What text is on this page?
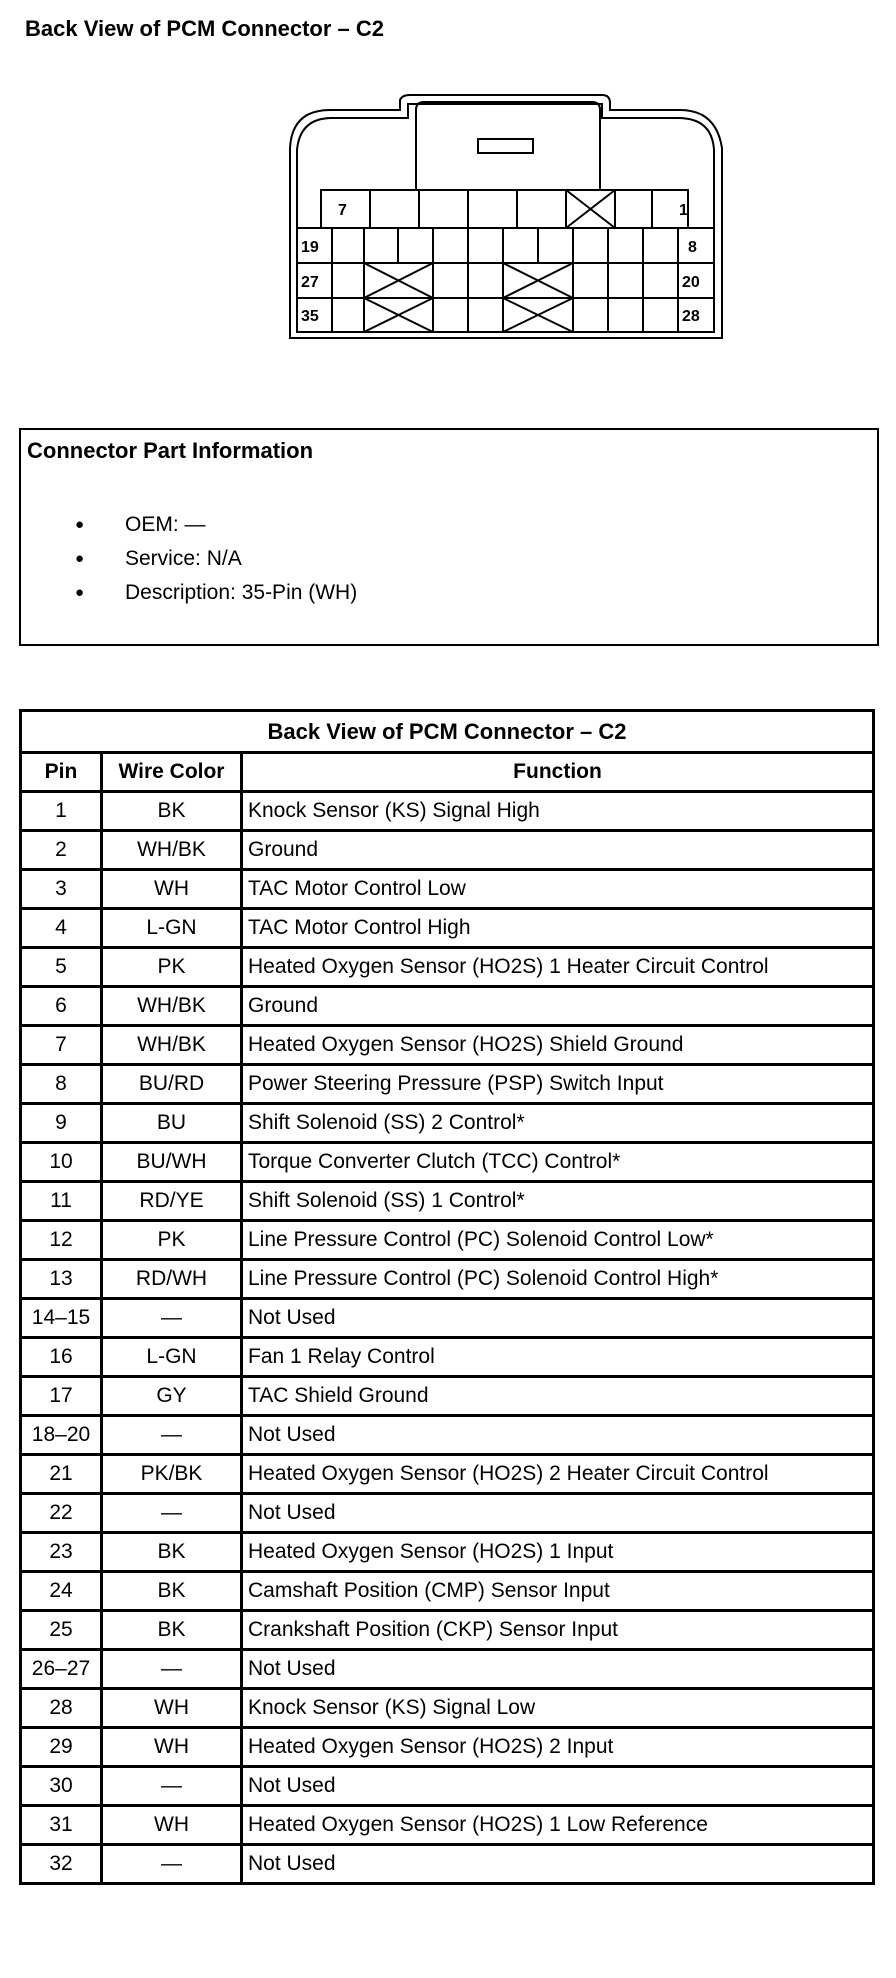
Back View of PCM Connector – C2
7	1
19	8
27	20
35	28
Connector Part Information
● OEM: —
● Service: N/A
● Description: 35-Pin (WH)
Back View of PCM Connector – C2
Pin	Wire Color	Function
1	BK	Knock Sensor (KS) Signal High
2	WH/BK	Ground
3	WH	TAC Motor Control Low
4	L-GN	TAC Motor Control High
5	PK	Heated Oxygen Sensor (HO2S) 1 Heater Circuit Control
6	WH/BK	Ground
7	WH/BK	Heated Oxygen Sensor (HO2S) Shield Ground
8	BU/RD	Power Steering Pressure (PSP) Switch Input
9	BU	Shift Solenoid (SS) 2 Control*
10	BU/WH	Torque Converter Clutch (TCC) Control*
11	RD/YE	Shift Solenoid (SS) 1 Control*
12	PK	Line Pressure Control (PC) Solenoid Control Low*
13	RD/WH	Line Pressure Control (PC) Solenoid Control High*
14–15	—	Not Used
16	L-GN	Fan 1 Relay Control
17	GY	TAC Shield Ground
18–20	—	Not Used
21	PK/BK	Heated Oxygen Sensor (HO2S) 2 Heater Circuit Control
22	—	Not Used
23	BK	Heated Oxygen Sensor (HO2S) 1 Input
24	BK	Camshaft Position (CMP) Sensor Input
25	BK	Crankshaft Position (CKP) Sensor Input
26–27	—	Not Used
28	WH	Knock Sensor (KS) Signal Low
29	WH	Heated Oxygen Sensor (HO2S) 2 Input
30	—	Not Used
31	WH	Heated Oxygen Sensor (HO2S) 1 Low Reference
32	—	Not Used
